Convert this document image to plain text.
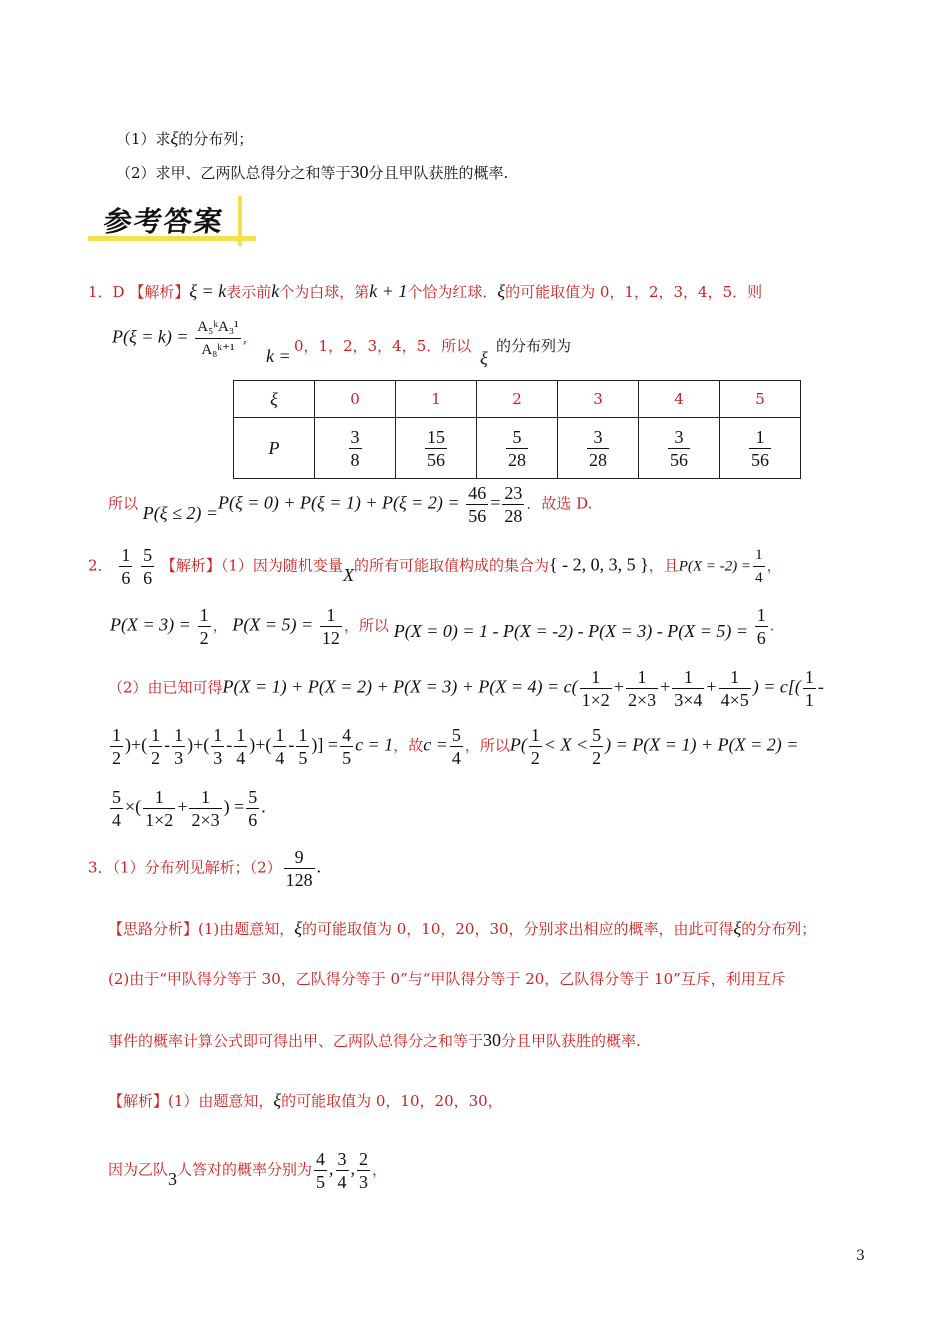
（1）求ξ的分布列；
（2）求甲、乙两队总得分之和等于30分且甲队获胜的概率.
参考答案
1．D 【解析】ξ = k表示前k个为白球，第k + 1个恰为红球．ξ的可能取值为 0，1，2，3，4，5．则
$P(\xi = k) = \frac{\text{A₅ᵏA₃¹}}{\text{A₈ᵏ⁺¹}}$ ,
k = 0，1，2，3，4，5．所以
ξ
的分布列为
ξ	0	1	2	3	4	5
P	$\frac{3}{8}$	$\frac{15}{56}$	$\frac{5}{28}$	$\frac{3}{28}$	$\frac{3}{56}$	$\frac{1}{56}$
所以 $P(\xi \le 2) =P(\xi = 0) + P(\xi = 1) + P(\xi = 2) = \frac{46}{56} = \frac{23}{28}$ ．故选 D.
2． $\frac{1}{6}$
$\frac{5}{6}$ 【解析】（1）因为随机变量X的所有可能取值构成的集合为{ - 2, 0, 3, 5 }，且$P(X = -2) = \frac{1}{4}$ ，
$P(X = 3) = \frac{1}{2}$ ， $P(X = 5) = \frac{1}{12}$ ，所以 $P(X = 0) = 1 - P(X = -2) - P(X = 3) - P(X = 5) = \frac{1}{6}$ .
（2）由已知可得$P(X = 1) + P(X = 2) + P(X = 3) + P(X = 4) = c( \frac{1}{1\times 2} + \frac{1}{2\times 3} + \frac{1}{3\times 4} + \frac{1}{4\times 5}$ ) = $c[( \frac{1}{1}$ -
$\frac{1}{2}$ )+( $\frac{1}{2} - \frac{1}{3}$ )+( $\frac{1}{3} - \frac{1}{4}$ )+( $\frac{1}{4} - \frac{1}{5}$ )] = $\frac{4}{5}$ c = 1，故$c = \frac{5}{4}$ ，所以$P( \frac{1}{2} < X < \frac{5}{2}$ ) = P(X = 1) + P(X = 2) =
$\frac{5}{4}$ ×( $\frac{1}{1\times 2} + \frac{1}{2\times 3}$ ) = $\frac{5}{6}$ .
3．（1）分布列见解析；$(2) \frac{9}{128}$ .
【思路分析】(1)由题意知，ξ的可能取值为 0，10，20，30，分别求出相应的概率，由此可得ξ的分布列；
(2)由于“甲队得分等于 30，乙队得分等于 0”与“甲队得分等于 20，乙队得分等于 10”互斥，利用互斥
事件的概率计算公式即可得出甲、乙两队总得分之和等于30分且甲队获胜的概率.
【解析】(1）由题意知，ξ的可能取值为 0，10，20，30，
因为乙队3人答对的概率分别为 $\frac{4}{5}$ , $\frac{3}{4}$ , $\frac{2}{3}$ ，
3
